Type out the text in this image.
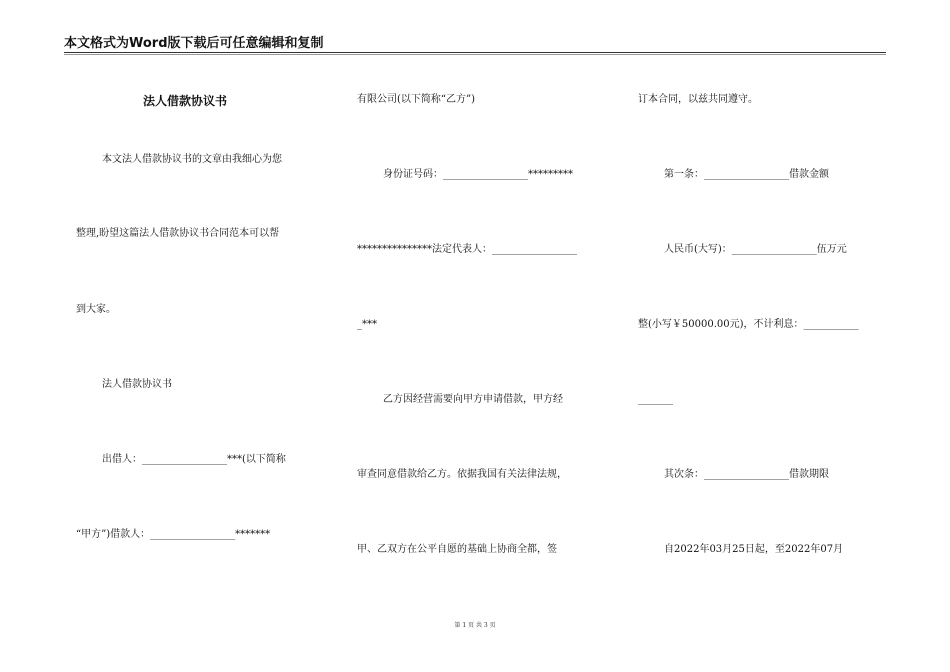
本文格式为Word版下载后可任意编辑和复制
法人借款协议书
本文法人借款协议书的文章由我细心为您
整理,盼望这篇法人借款协议书合同范本可以帮
到大家。
法人借款协议书
出借人：_________________***(以下简称
“甲方”)借款人：_________________*******
有限公司(以下简称“乙方”)
身份证号码：_________________*********
***************法定代表人：_________________
_***
乙方因经营需要向甲方申请借款，甲方经
审查同意借款给乙方。依据我国有关法律法规，
甲、乙双方在公平自愿的基础上协商全都，签
订本合同，以兹共同遵守。
第一条：_________________借款金额
人民币(大写)：_________________伍万元
整(小写￥50000.00元)，不计利息：___________
_______
其次条：_________________借款期限
自2022年03月25日起，至2022年07月
第 1 页 共 3 页
